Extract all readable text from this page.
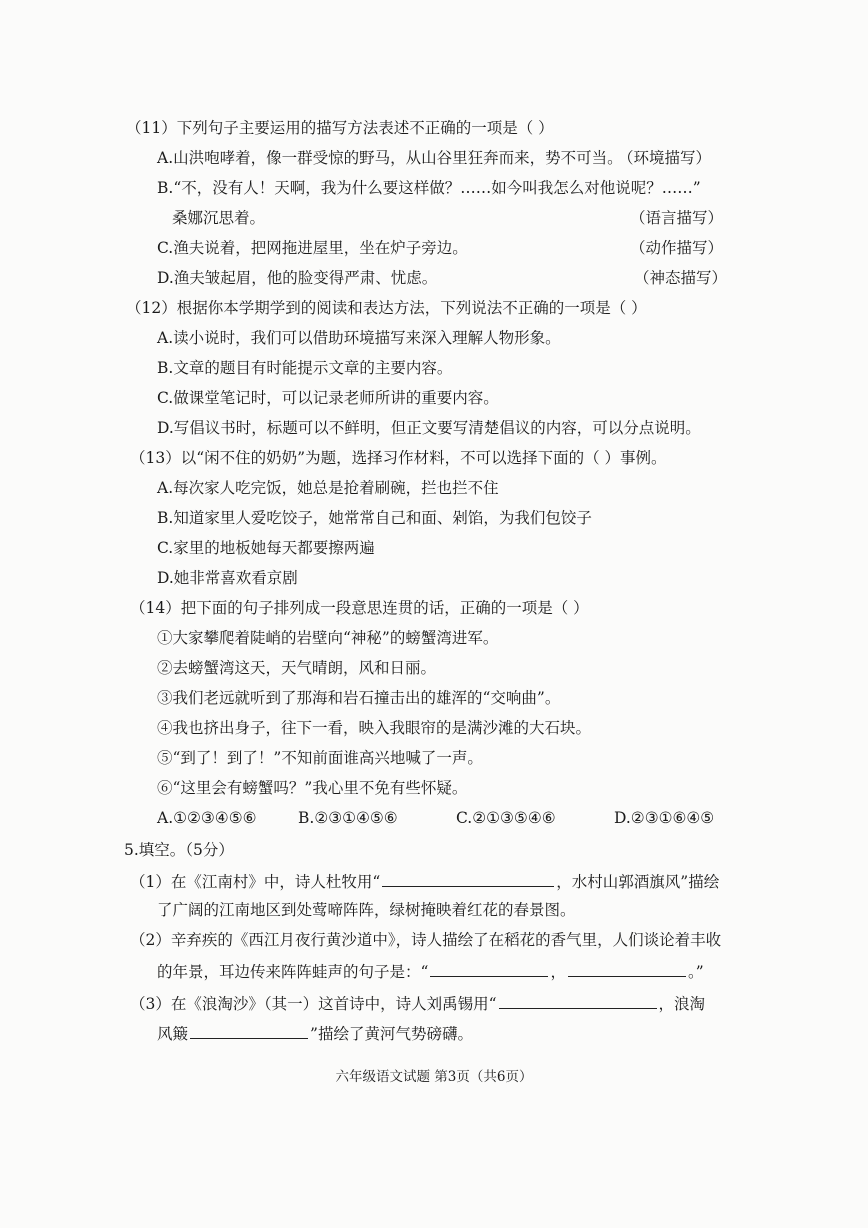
（11）下列句子主要运用的描写方法表述不正确的一项是（ ）
A.山洪咆哮着，像一群受惊的野马，从山谷里狂奔而来，势不可当。
（环境描写）
B.“不，没有人！天啊，我为什么要这样做？……如今叫我怎么对他说呢？……”
桑娜沉思着。	（语言描写）
C.渔夫说着，把网拖进屋里，坐在炉子旁边。	（动作描写）
D.渔夫皱起眉，他的脸变得严肃、忧虑。	（神态描写）
（12）根据你本学期学到的阅读和表达方法，下列说法不正确的一项是（ ）
A.读小说时，我们可以借助环境描写来深入理解人物形象。
B.文章的题目有时能提示文章的主要内容。
C.做课堂笔记时，可以记录老师所讲的重要内容。
D.写倡议书时，标题可以不鲜明，但正文要写清楚倡议的内容，可以分点说明。
（13）以“闲不住的奶奶”为题，选择习作材料，不可以选择下面的（ ）事例。
A.每次家人吃完饭，她总是抢着刷碗，拦也拦不住
B.知道家里人爱吃饺子，她常常自己和面、剁馅，为我们包饺子
C.家里的地板她每天都要擦两遍
D.她非常喜欢看京剧
（14）把下面的句子排列成一段意思连贯的话，正确的一项是（ ）
①大家攀爬着陡峭的岩壁向“神秘”的螃蟹湾进军。
②去螃蟹湾这天，天气晴朗，风和日丽。
③我们老远就听到了那海和岩石撞击出的雄浑的“交响曲”。
④我也挤出身子，往下一看，映入我眼帘的是满沙滩的大石块。
⑤“到了！到了！”不知前面谁高兴地喊了一声。
⑥“这里会有螃蟹吗？”我心里不免有些怀疑。
A.①②③④⑤⑥	B.②③①④⑤⑥	C.②①③⑤④⑥	D.②③①⑥④⑤
5.填空。（5分）
（1）在《江南村》中，诗人杜牧用“	，水村山郭酒旗风”描绘
了广阔的江南地区到处莺啼阵阵，绿树掩映着红花的春景图。
（2）辛弃疾的《西江月夜行黄沙道中》，诗人描绘了在稻花的香气里，人们谈论着丰收
的年景，耳边传来阵阵蛙声的句子是：“	，	。”
（3）在《浪淘沙》（其一）这首诗中，诗人刘禹锡用“	，浪淘
风簸	”描绘了黄河气势磅礴。
六年级语文试题 第3页（共6页）
